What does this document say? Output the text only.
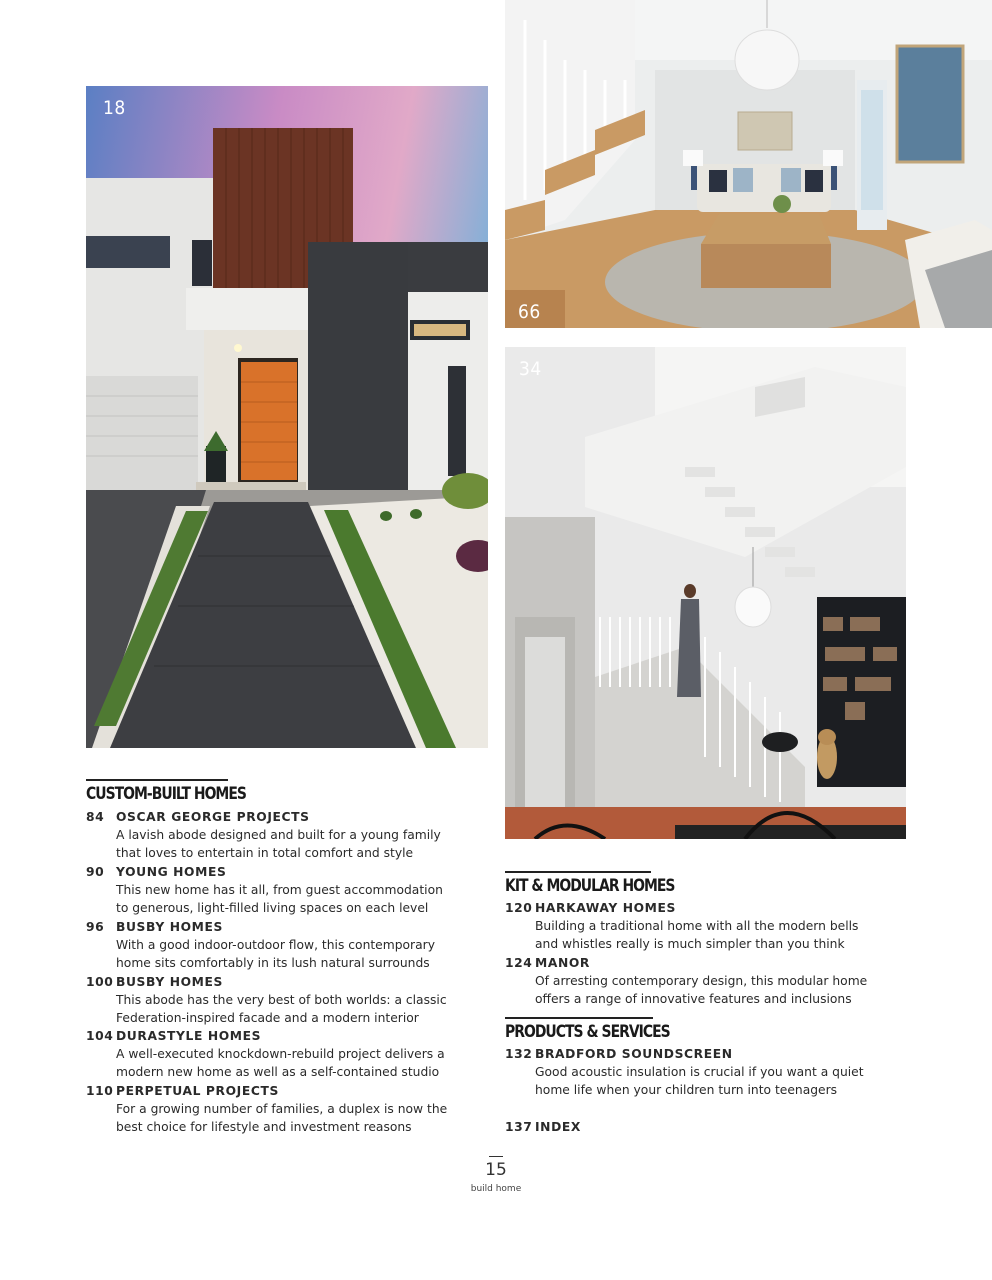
18
66
34
CUSTOM-BUILT HOMES
84 OSCAR GEORGE PROJECTS
A lavish abode designed and built for a young family
that loves to entertain in total comfort and style
90 YOUNG HOMES
This new home has it all, from guest accommodation
to generous, light-filled living spaces on each level
96 BUSBY HOMES
With a good indoor-outdoor flow, this contemporary
home sits comfortably in its lush natural surrounds
100 BUSBY HOMES
This abode has the very best of both worlds: a classic
Federation-inspired facade and a modern interior
104 DURASTYLE HOMES
A well-executed knockdown-rebuild project delivers a
modern new home as well as a self-contained studio
110 PERPETUAL PROJECTS
For a growing number of families, a duplex is now the
best choice for lifestyle and investment reasons
KIT & MODULAR HOMES
120 HARKAWAY HOMES
Building a traditional home with all the modern bells
and whistles really is much simpler than you think
124 MANOR
Of arresting contemporary design, this modular home
offers a range of innovative features and inclusions
PRODUCTS & SERVICES
132 BRADFORD SOUNDSCREEN
Good acoustic insulation is crucial if you want a quiet
home life when your children turn into teenagers
137 INDEX
15
build home
